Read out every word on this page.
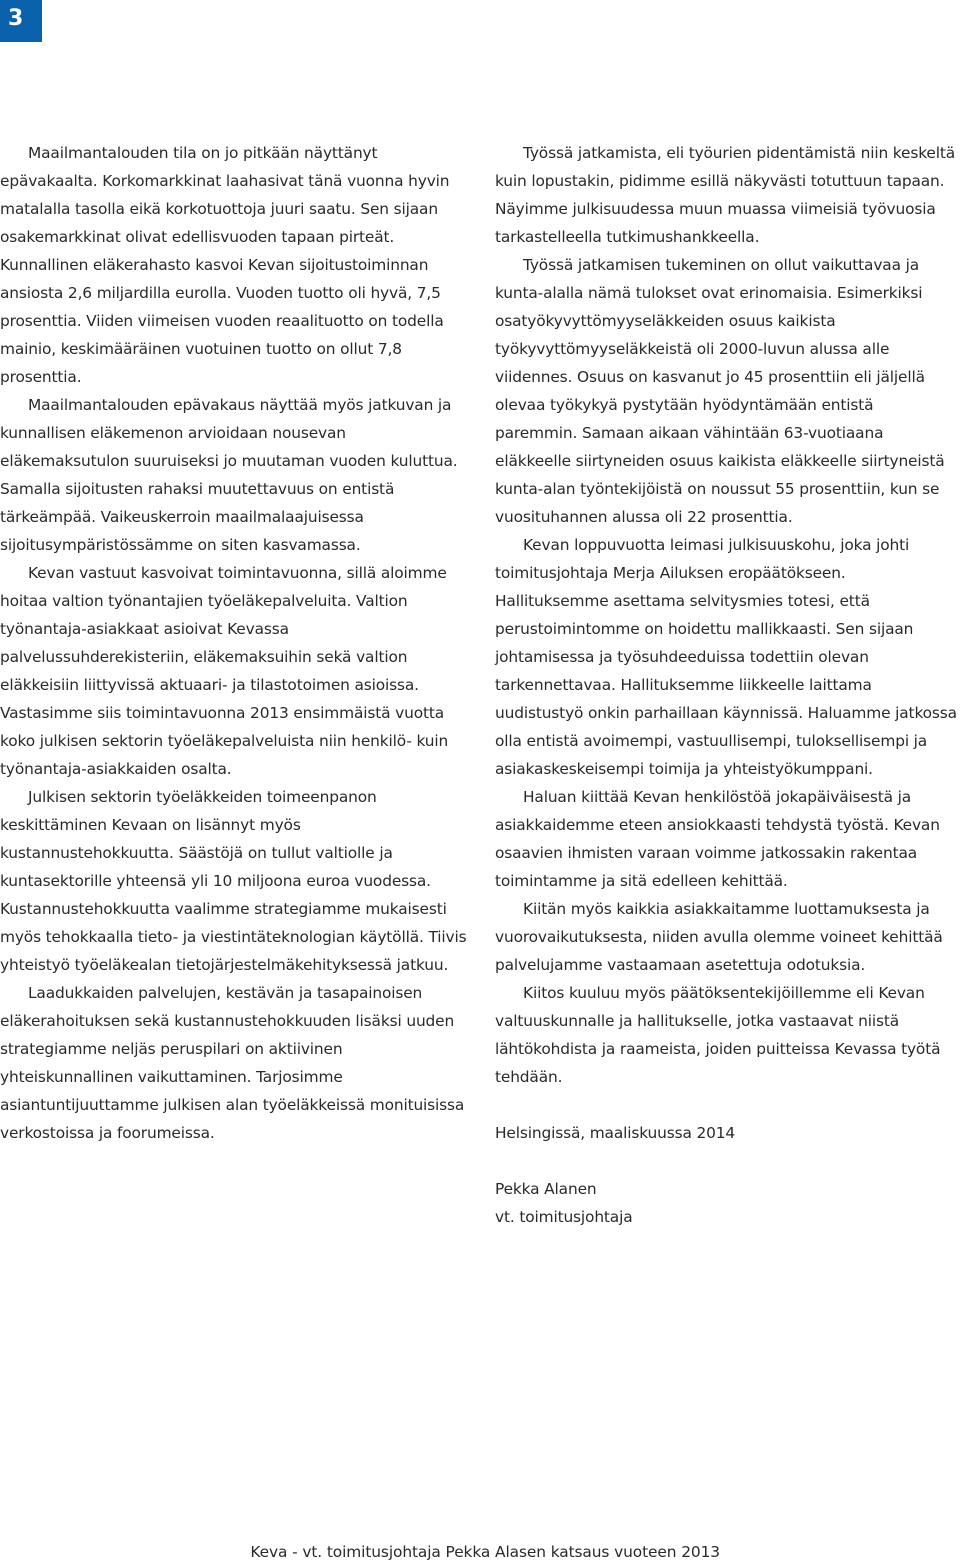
3

Maailmantalouden tila on jo pitkään näyttänyt epävakaalta. Korkomarkkinat laahasivat tänä vuonna hyvin matalalla tasolla eikä korkotuottoja juuri saatu. Sen sijaan osakemarkkinat olivat edellisvuoden tapaan pirteät. Kunnallinen eläkerahasto kasvoi Kevan sijoitustoiminnan ansiosta 2,6 miljardilla eurolla. Vuoden tuotto oli hyvä, 7,5 prosenttia. Viiden viimeisen vuoden reaalituotto on todella mainio, keskimääräinen vuotuinen tuotto on ollut 7,8 prosenttia.

Maailmantalouden epävakaus näyttää myös jatkuvan ja kunnallisen eläkemenon arvioidaan nousevan eläkemaksutulon suuruiseksi jo muutaman vuoden kuluttua. Samalla sijoitusten rahaksi muutettavuus on entistä tärkeämpää. Vaikeuskerroin maailmalaajuisessa sijoitusympäristössämme on siten kasvamassa.

Kevan vastuut kasvoivat toimintavuonna, sillä aloimme hoitaa valtion työnantajien työeläkepalveluita. Valtion työnantaja-asiakkaat asioivat Kevassa palvelussuhderekisteriin, eläkemaksuihin sekä valtion eläkkeisiin liittyvissä aktuaari- ja tilastotoimen asioissa. Vastasimme siis toimintavuonna 2013 ensimmäistä vuotta koko julkisen sektorin työeläkepalveluista niin henkilö- kuin työnantaja-asiakkaiden osalta.

Julkisen sektorin työeläkkeiden toimeenpanon keskittäminen Kevaan on lisännyt myös kustannustehokkuutta. Säästöjä on tullut valtiolle ja kuntasektorille yhteensä yli 10 miljoona euroa vuodessa. Kustannustehokkuutta vaalimme strategiamme mukaisesti myös tehokkaalla tieto- ja viestintäteknologian käytöllä. Tiivis yhteistyö työeläkealan tietojärjestelmäkehityksessä jatkuu.

Laadukkaiden palvelujen, kestävän ja tasapainoisen eläkerahoituksen sekä kustannustehokkuuden lisäksi uuden strategiamme neljäs peruspilari on aktiivinen yhteiskunnallinen vaikuttaminen. Tarjosimme asiantuntijuuttamme julkisen alan työeläkkeissä monituisissa verkostoissa ja foorumeissa.

Työssä jatkamista, eli työurien pidentämistä niin keskeltä kuin lopustakin, pidimme esillä näkyvästi totuttuun tapaan. Näyimme julkisuudessa muun muassa viimeisiä työvuosia tarkastelleella tutkimushankkeella.

Työssä jatkamisen tukeminen on ollut vaikuttavaa ja kunta-alalla nämä tulokset ovat erinomaisia. Esimerkiksi osatyökyvyttömyyseläkkeiden osuus kaikista työkyvyttömyyseläkkeistä oli 2000-luvun alussa alle viidennes. Osuus on kasvanut jo 45 prosenttiin eli jäljellä olevaa työkykyä pystytään hyödyntämään entistä paremmin. Samaan aikaan vähintään 63-vuotiaana eläkkeelle siirtyneiden osuus kaikista eläkkeelle siirtyneistä kunta-alan työntekijöistä on noussut 55 prosenttiin, kun se vuosituhannen alussa oli 22 prosenttia.

Kevan loppuvuotta leimasi julkisuuskohu, joka johti toimitusjohtaja Merja Ailuksen eropäätökseen. Hallituksemme asettama selvitysmies totesi, että perustoimintomme on hoidettu mallikkaasti. Sen sijaan johtamisessa ja työsuhdeeduissa todettiin olevan tarkennettavaa. Hallituksemme liikkeelle laittama uudistustyö onkin parhaillaan käynnissä. Haluamme jatkossa olla entistä avoimempi, vastuullisempi, tuloksellisempi ja asiakaskeskeisempi toimija ja yhteistyökumppani.

Haluan kiittää Kevan henkilöstöä jokapäiväisestä ja asiakkaidemme eteen ansiokkaasti tehdystä työstä. Kevan osaavien ihmisten varaan voimme jatkossakin rakentaa toimintamme ja sitä edelleen kehittää.

Kiitän myös kaikkia asiakkaitamme luottamuksesta ja vuorovaikutuksesta, niiden avulla olemme voineet kehittää palvelujamme vastaamaan asetettuja odotuksia.

Kiitos kuuluu myös päätöksentekijöillemme eli Kevan valtuuskunnalle ja hallitukselle, jotka vastaavat niistä lähtökohdista ja raameista, joiden puitteissa Kevassa työtä tehdään.

Helsingissä, maaliskuussa 2014

Pekka Alanen

vt. toimitusjohtaja

Keva - vt. toimitusjohtaja Pekka Alasen katsaus vuoteen 2013
